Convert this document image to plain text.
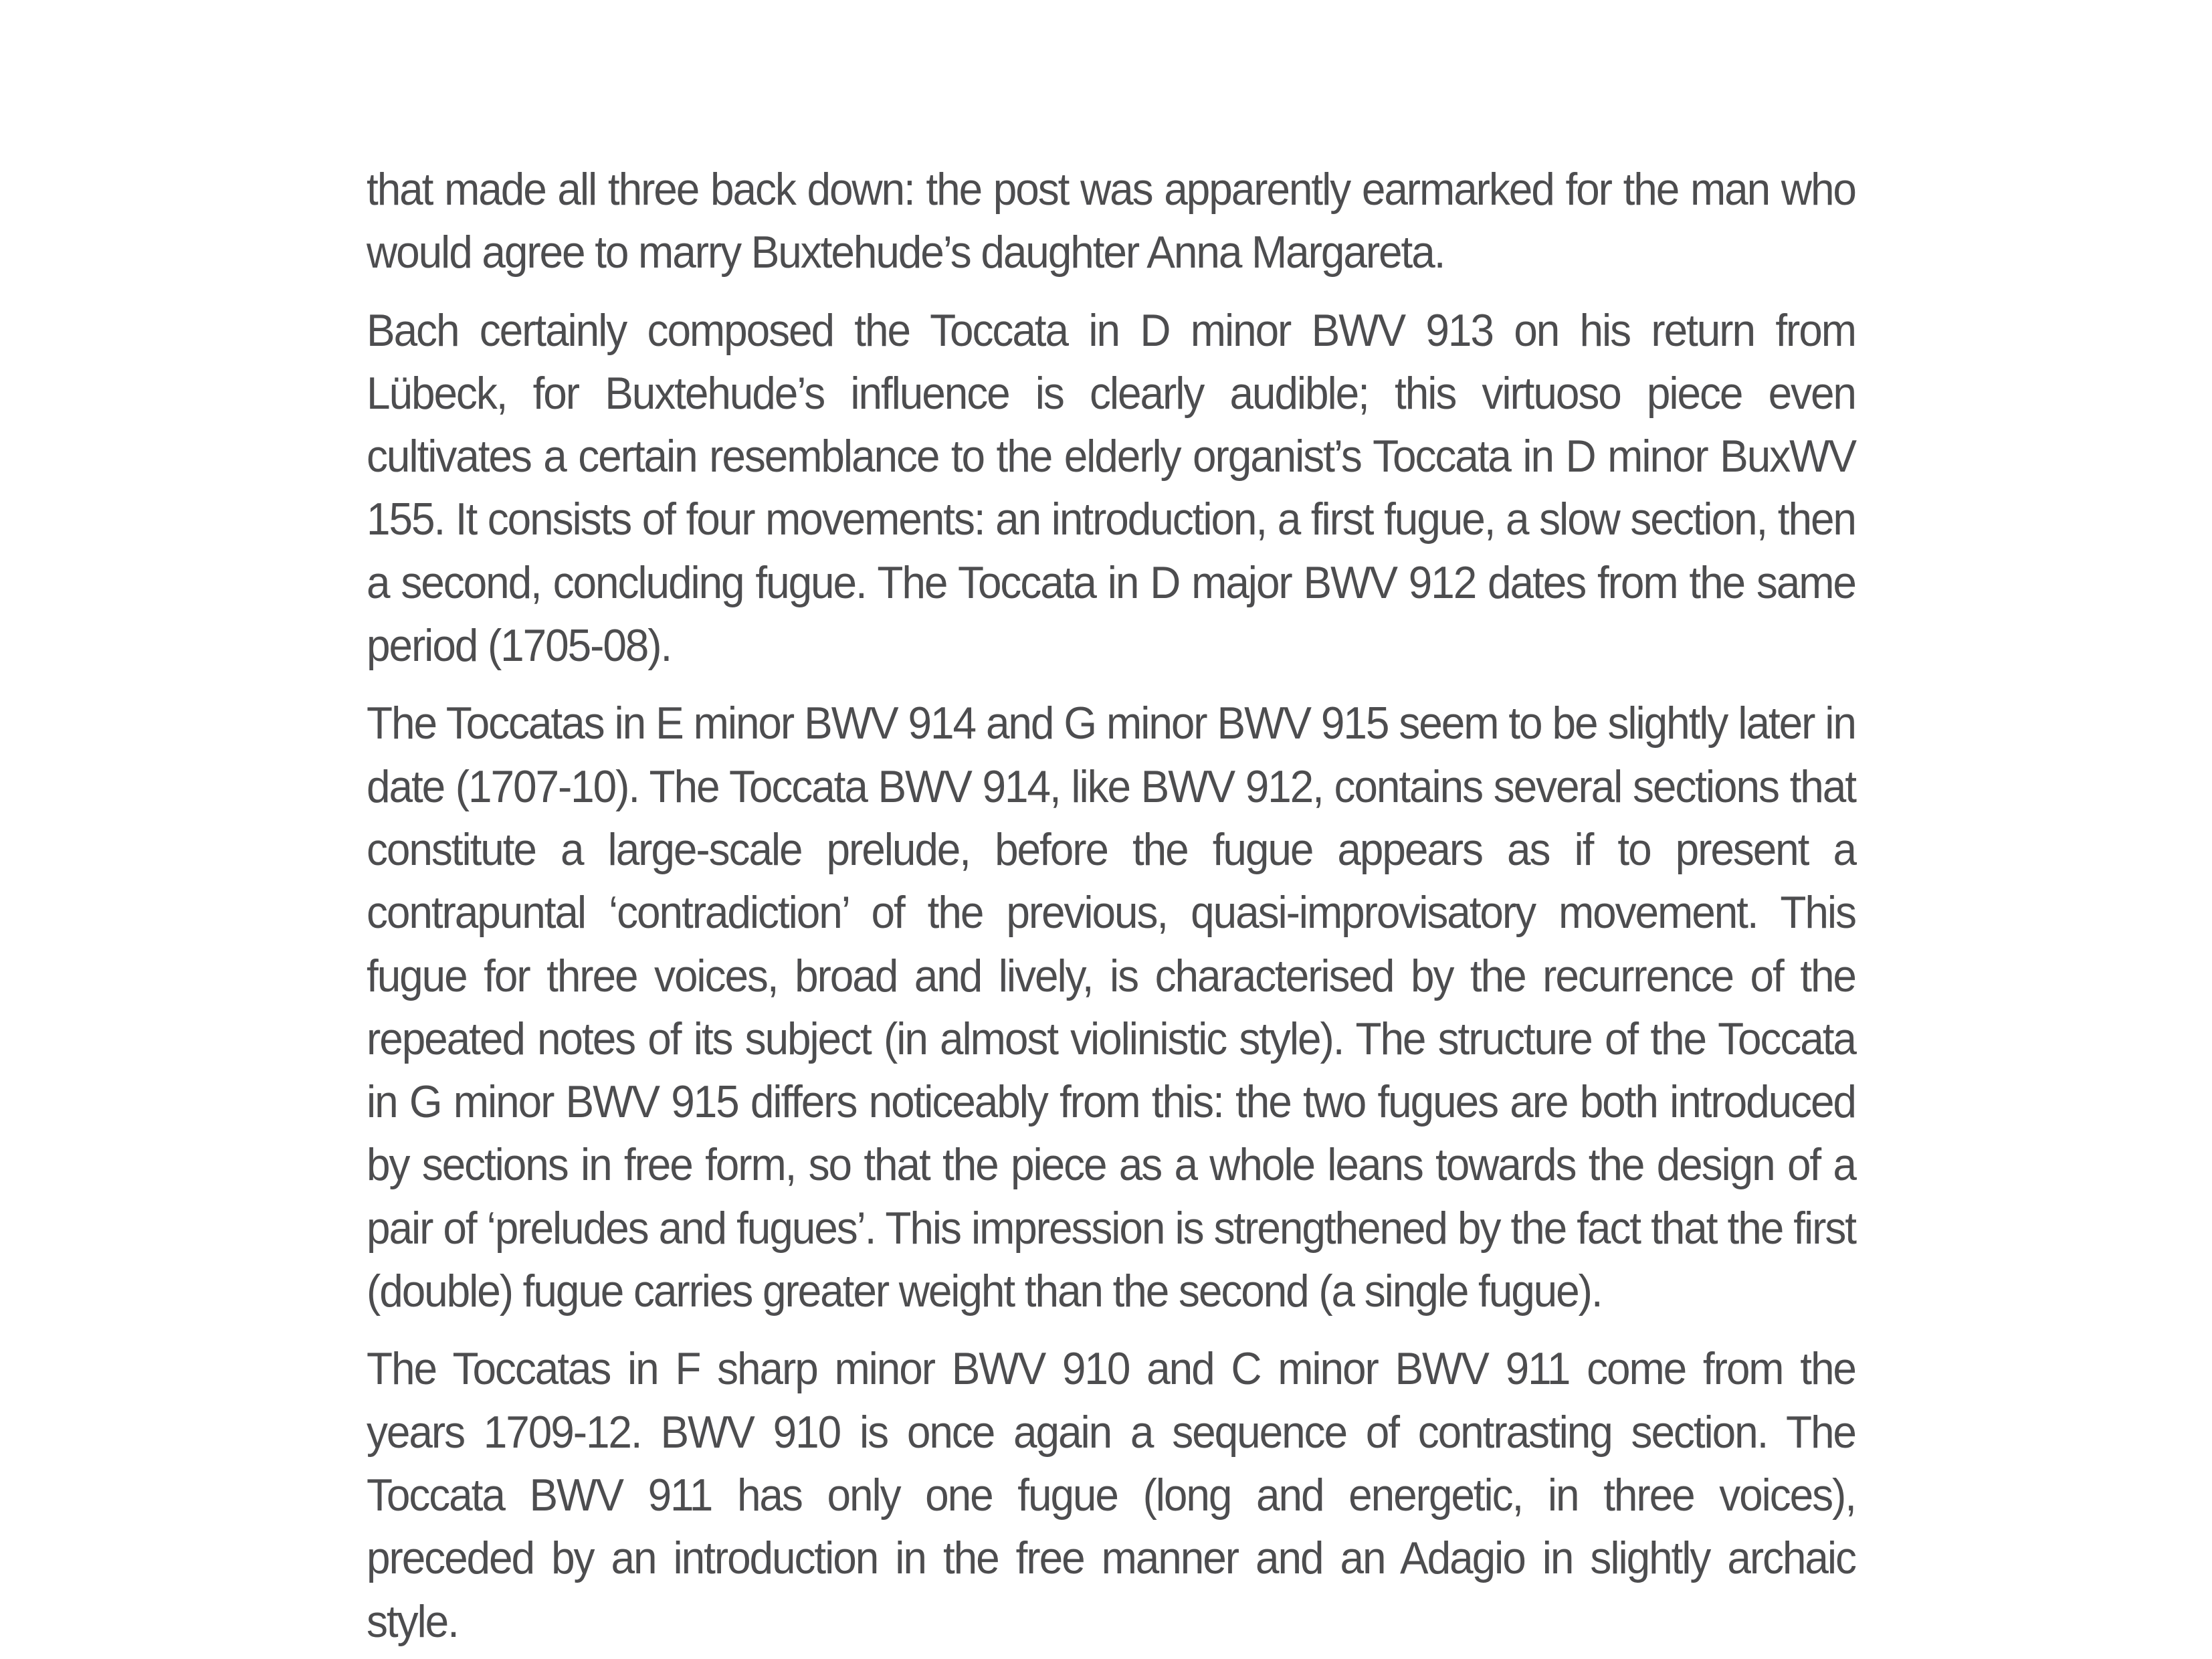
that made all three back down: the post was apparently earmarked for the man who would agree to marry Buxtehude’s daughter Anna Margareta.

Bach certainly composed the Toccata in D minor BWV 913 on his return from Lübeck, for Buxtehude’s influence is clearly audible; this virtuoso piece even cultivates a certain resemblance to the elderly organist’s Toccata in D minor BuxWV 155. It consists of four movements: an introduction, a first fugue, a slow section, then a second, concluding fugue. The Toccata in D major BWV 912 dates from the same period (1705-08).

The Toccatas in E minor BWV 914 and G minor BWV 915 seem to be slightly later in date (1707-10). The Toccata BWV 914, like BWV 912, contains several sections that constitute a large-scale prelude, before the fugue appears as if to present a contrapuntal ‘contradiction’ of the previous, quasi-improvisatory movement. This fugue for three voices, broad and lively, is characterised by the recurrence of the repeated notes of its subject (in almost violinistic style). The structure of the Toccata in G minor BWV 915 differs noticeably from this: the two fugues are both introduced by sections in free form, so that the piece as a whole leans towards the design of a pair of ‘preludes and fugues’. This impression is strengthened by the fact that the first (double) fugue carries greater weight than the second (a single fugue).

The Toccatas in F sharp minor BWV 910 and C minor BWV 911 come from the years 1709-12. BWV 910 is once again a sequence of contrasting section. The Toccata BWV 911 has only one fugue (long and energetic, in three voices), preceded by an introduction in the free manner and an Adagio in slightly archaic style.
